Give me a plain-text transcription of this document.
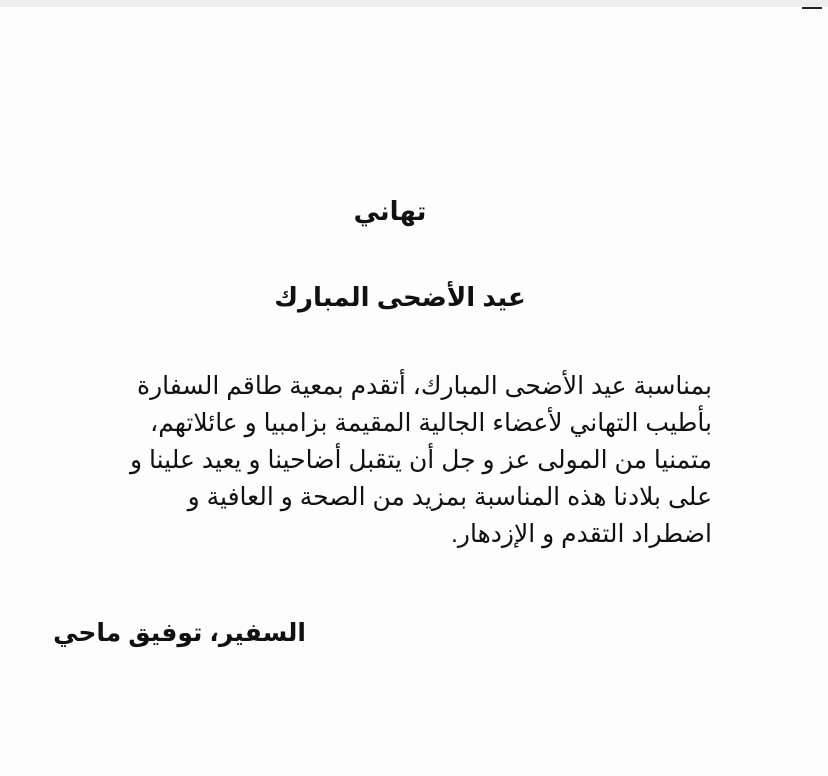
تهاني
عيد الأضحى المبارك
بمناسبة عيد الأضحى المبارك، أتقدم بمعية طاقم السفارة
بأطيب التهاني لأعضاء الجالية المقيمة بزامبيا و عائلاتهم،
متمنيا من المولى عز و جل أن يتقبل أضاحينا و يعيد علينا و
على بلادنا هذه المناسبة بمزيد من الصحة و العافية و
اضطراد التقدم و الإزدهار.
السفير، توفيق ماحي
